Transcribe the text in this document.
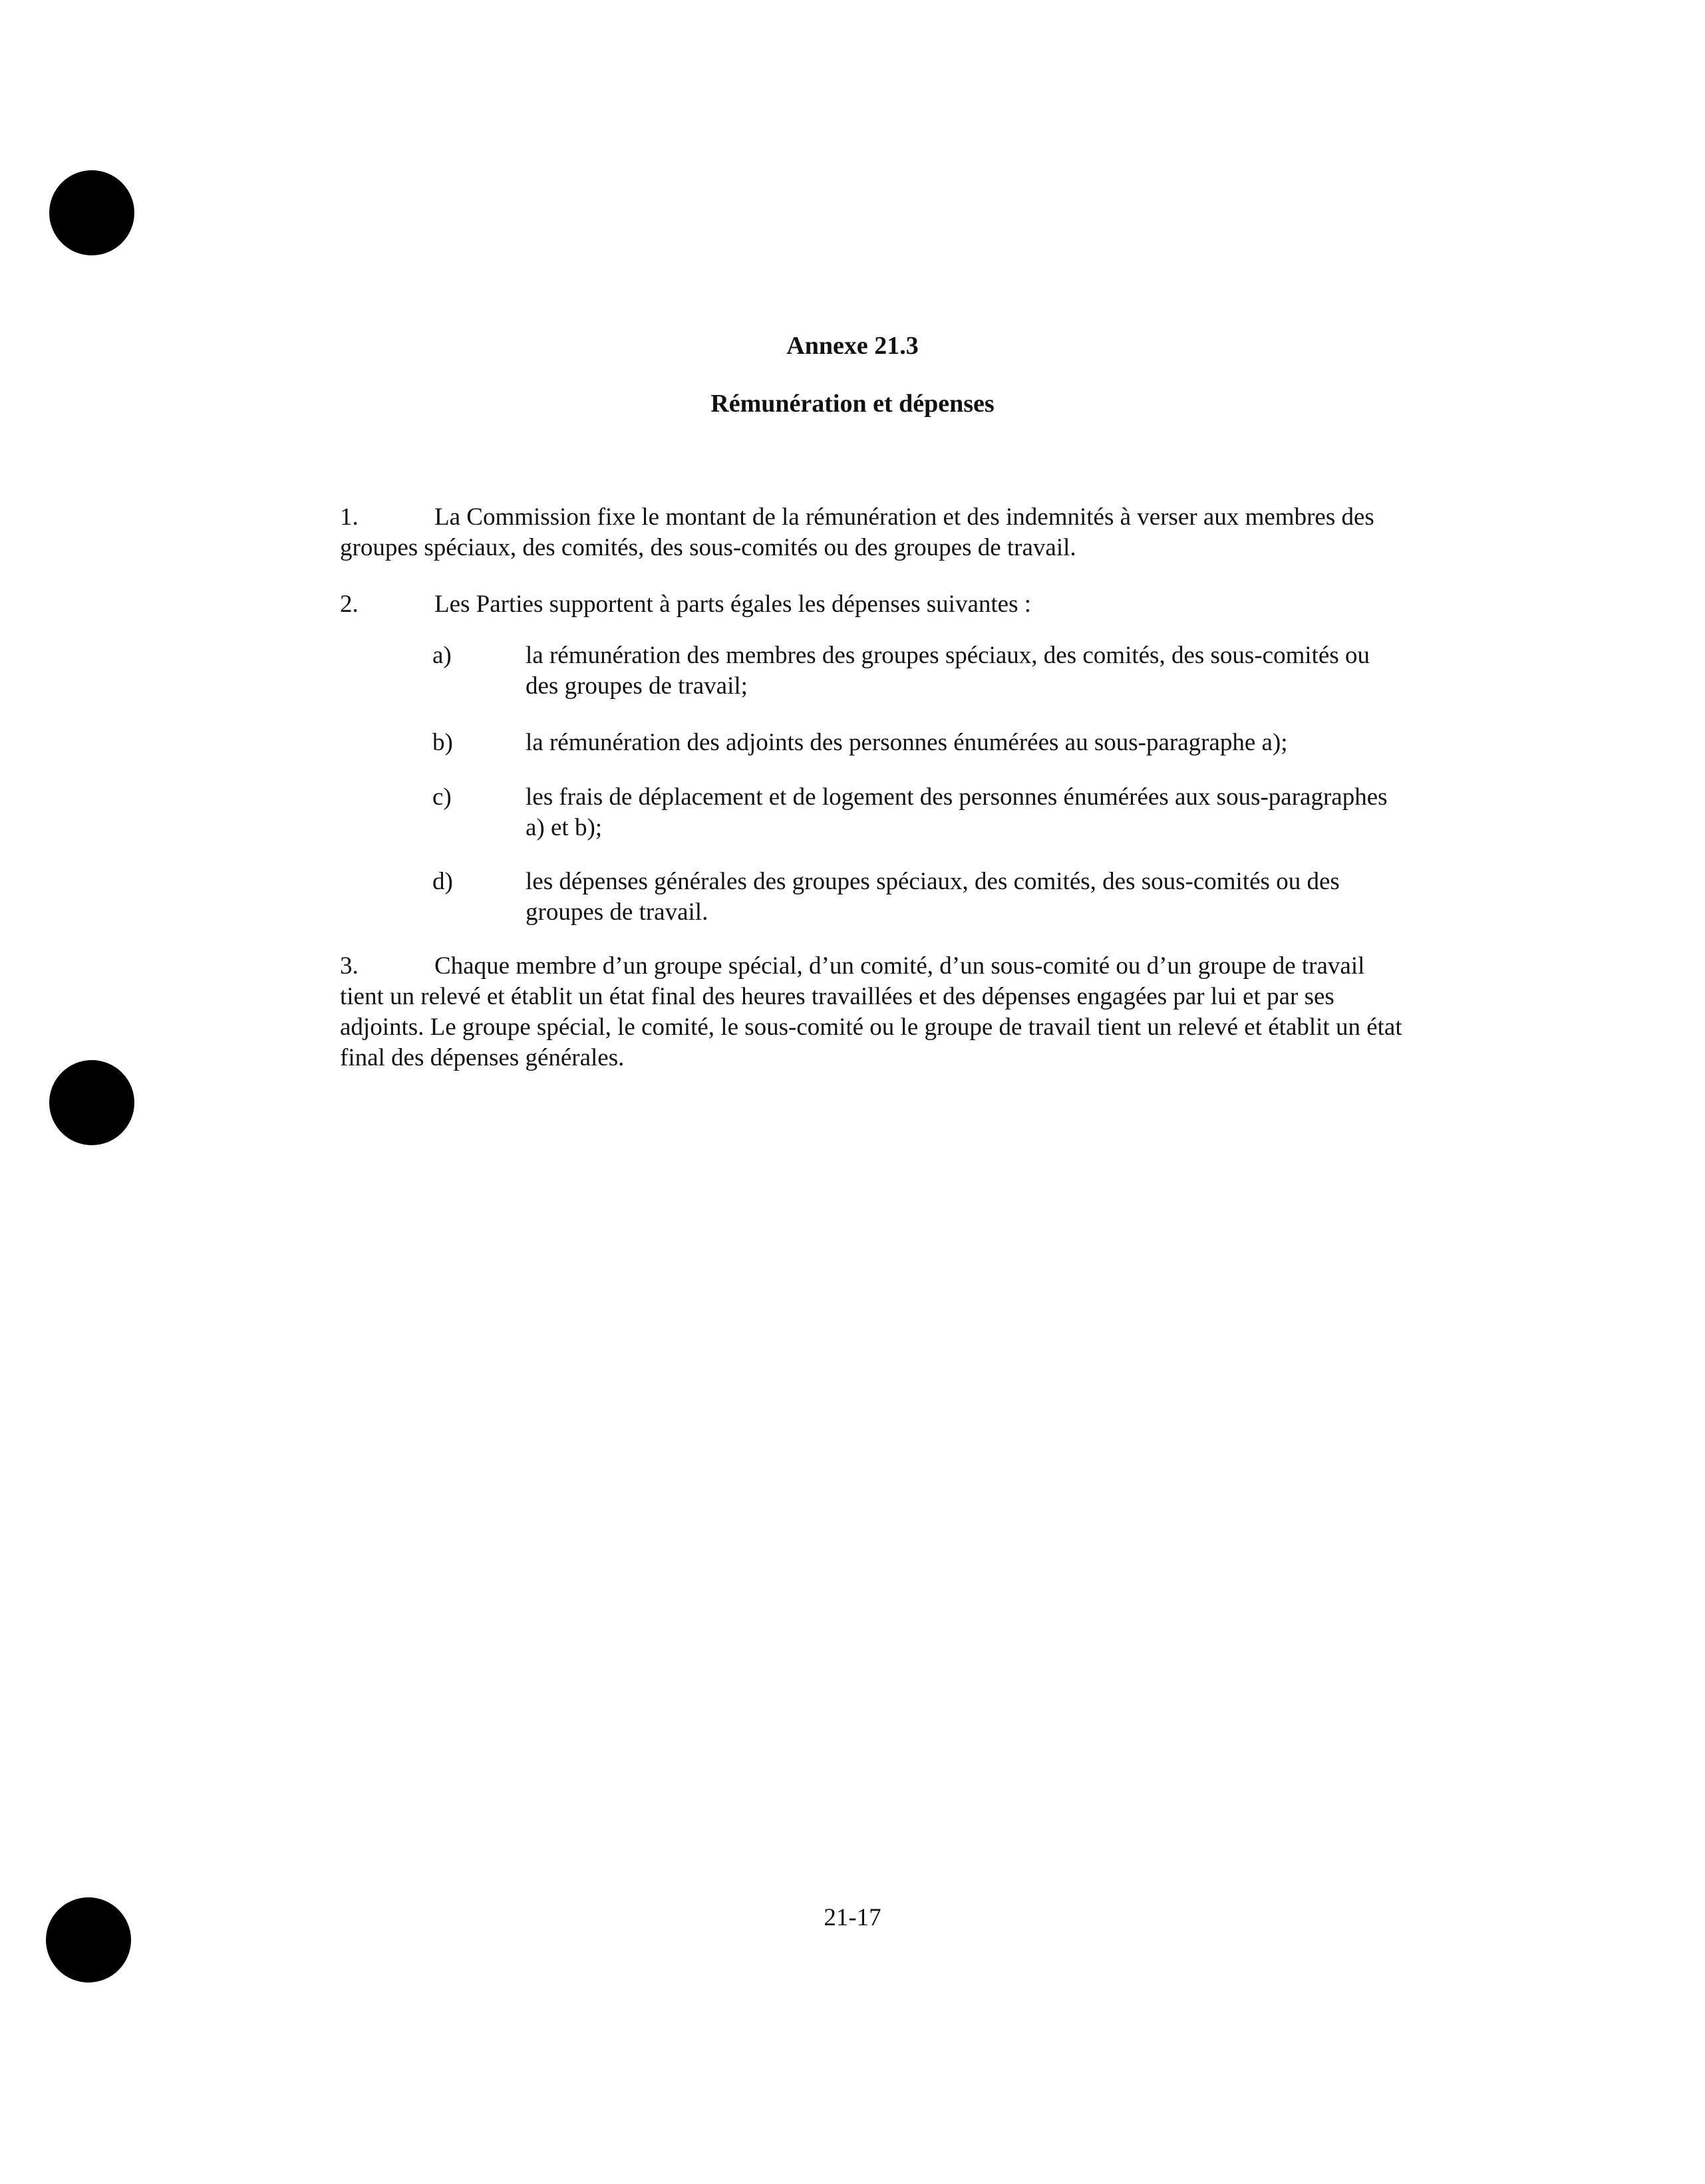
Annexe 21.3
Rémunération et dépenses
1.	La Commission fixe le montant de la rémunération et des indemnités à verser aux membres des groupes spéciaux, des comités, des sous-comités ou des groupes de travail.
2.	Les Parties supportent à parts égales les dépenses suivantes :
a)	la rémunération des membres des groupes spéciaux, des comités, des sous-comités ou des groupes de travail;
b)	la rémunération des adjoints des personnes énumérées au sous-paragraphe a);
c)	les frais de déplacement et de logement des personnes énumérées aux sous-paragraphes a) et b);
d)	les dépenses générales des groupes spéciaux, des comités, des sous-comités ou des groupes de travail.
3.	Chaque membre d’un groupe spécial, d’un comité, d’un sous-comité ou d’un groupe de travail tient un relevé et établit un état final des heures travaillées et des dépenses engagées par lui et par ses adjoints. Le groupe spécial, le comité, le sous-comité ou le groupe de travail tient un relevé et établit un état final des dépenses générales.
21-17
